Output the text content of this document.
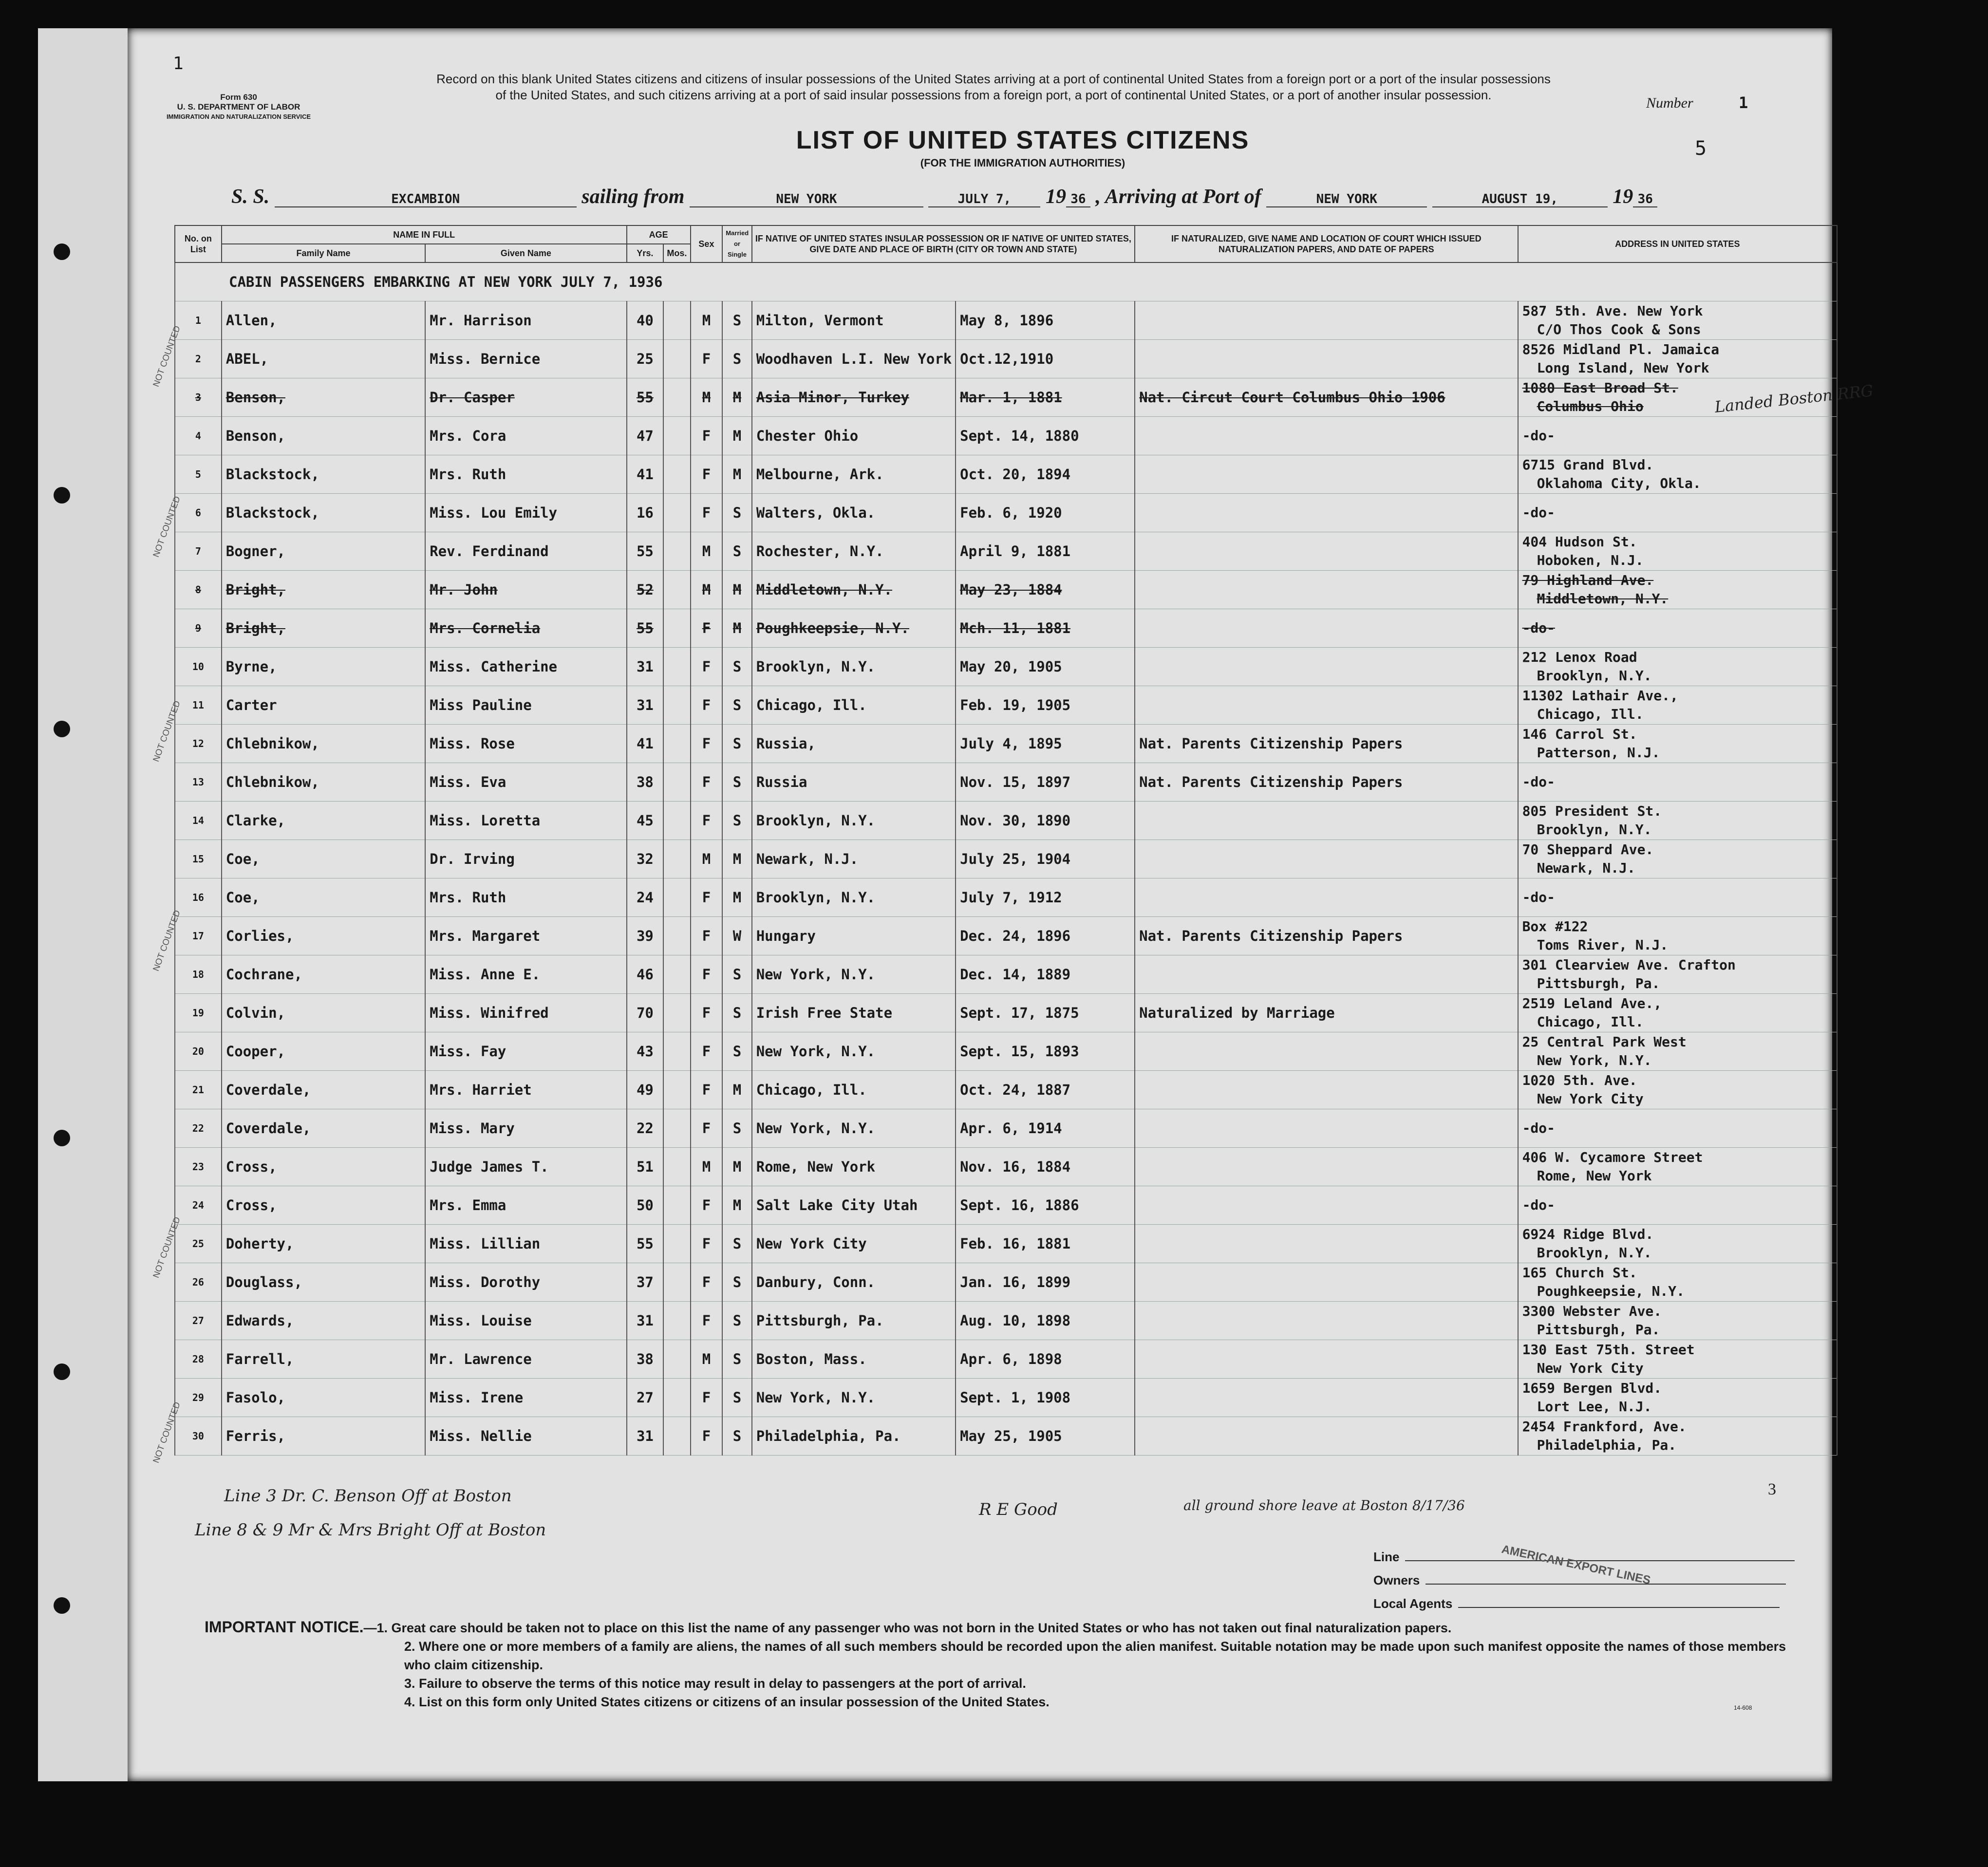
1
Form 630
U. S. DEPARTMENT OF LABOR
IMMIGRATION AND NATURALIZATION SERVICE
Record on this blank United States citizens and citizens of insular possessions of the United States arriving at a port of continental United States from a foreign port or a port of the insular possessions of the United States, and such citizens arriving at a port of said insular possessions from a foreign port, a port of continental United States, or a port of another insular possession.	Number	1
5
LIST OF UNITED STATES CITIZENS
(FOR THE IMMIGRATION AUTHORITIES)
S. S.	EXCAMBION	sailing from	NEW YORK	JULY 7, 19 36 , Arriving at Port of	NEW YORK	AUGUST 19,	19 36
No. on List	NAME IN FULL		AGE		Sex	Married or Single	IF NATIVE OF UNITED STATES INSULAR POSSESSION OR IF NATIVE OF UNITED STATES, GIVE DATE AND PLACE OF BIRTH (CITY OR TOWN AND STATE)		IF NATURALIZED, GIVE NAME AND LOCATION OF COURT WHICH ISSUED NATURALIZATION PAPERS, AND DATE OF PAPERS	ADDRESS IN UNITED STATES
	Family Name	Given Name	Yrs.	Mos.						
CABIN PASSENGERS EMBARKING AT NEW YORK JULY 7, 1936										
1	Allen,	Mr. Harrison	40		M	S	Milton, Vermont	May 8, 1896		587 5th. Ave. New York
C/O Thos Cook & Sons

2	ABEL,	Miss. Bernice	25		F	S	Woodhaven L.I. New York	Oct.12,1910		8526 Midland Pl. Jamaica
Long Island, New York

3	Benson,	Dr. Casper	55		M	M	Asia Minor, Turkey	Mar. 1, 1881	Nat. Circut Court Columbus Ohio 1906	1080 East Broad St.
Columbus Ohio

4	Benson,	Mrs. Cora	47		F	M	Chester Ohio	Sept. 14, 1880		-do-

5	Blackstock,	Mrs. Ruth	41		F	M	Melbourne, Ark.	Oct. 20, 1894		6715 Grand Blvd.
Oklahoma City, Okla.

6	Blackstock,	Miss. Lou Emily	16		F	S	Walters, Okla.	Feb. 6, 1920		-do-

7	Bogner,	Rev. Ferdinand	55		M	S	Rochester, N.Y.	April 9, 1881		404 Hudson St.
Hoboken, N.J.

8	Bright,	Mr. John	52		M	M	Middletown, N.Y.	May 23, 1884		79 Highland Ave.
Middletown, N.Y.

9	Bright,	Mrs. Cornelia	55		F	M	Poughkeepsie, N.Y.	Mch. 11, 1881		-do-

10	Byrne,	Miss. Catherine	31		F	S	Brooklyn, N.Y.	May 20, 1905		212 Lenox Road
Brooklyn, N.Y.

11	Carter	Miss Pauline	31		F	S	Chicago, Ill.	Feb. 19, 1905		11302 Lathair Ave.,
Chicago, Ill.

12	Chlebnikow,	Miss. Rose	41		F	S	Russia,	July 4, 1895	Nat. Parents Citizenship Papers	146 Carrol St.
Patterson, N.J.

13	Chlebnikow,	Miss. Eva	38		F	S	Russia	Nov. 15, 1897	Nat. Parents Citizenship Papers	-do-

14	Clarke,	Miss. Loretta	45		F	S	Brooklyn, N.Y.	Nov. 30, 1890		805 President St.
Brooklyn, N.Y.

15	Coe,	Dr. Irving	32		M	M	Newark, N.J.	July 25, 1904		70 Sheppard Ave.
Newark, N.J.

16	Coe,	Mrs. Ruth	24		F	M	Brooklyn, N.Y.	July 7, 1912		-do-

17	Corlies,	Mrs. Margaret	39		F	W	Hungary	Dec. 24, 1896	Nat. Parents Citizenship Papers	Box #122
Toms River, N.J.

18	Cochrane,	Miss. Anne E.	46		F	S	New York, N.Y.	Dec. 14, 1889		301 Clearview Ave. Crafton
Pittsburgh, Pa.

19	Colvin,	Miss. Winifred	70		F	S	Irish Free State	Sept. 17, 1875	Naturalized by Marriage	2519 Leland Ave.,
Chicago, Ill.

20	Cooper,	Miss. Fay	43		F	S	New York, N.Y.	Sept. 15, 1893		25 Central Park West
New York, N.Y.

21	Coverdale,	Mrs. Harriet	49		F	M	Chicago, Ill.	Oct. 24, 1887		1020 5th. Ave.
New York City

22	Coverdale,	Miss. Mary	22		F	S	New York, N.Y.	Apr. 6, 1914		-do-

23	Cross,	Judge James T.	51		M	M	Rome, New York	Nov. 16, 1884		406 W. Cycamore Street
Rome, New York

24	Cross,	Mrs. Emma	50		F	M	Salt Lake City Utah	Sept. 16, 1886		-do-

25	Doherty,	Miss. Lillian	55		F	S	New York City	Feb. 16, 1881		6924 Ridge Blvd.
Brooklyn, N.Y.

26	Douglass,	Miss. Dorothy	37		F	S	Danbury, Conn.	Jan. 16, 1899		165 Church St.
Poughkeepsie, N.Y.

27	Edwards,	Miss. Louise	31		F	S	Pittsburgh, Pa.	Aug. 10, 1898		3300 Webster Ave.
Pittsburgh, Pa.

28	Farrell,	Mr. Lawrence	38		M	S	Boston, Mass.	Apr. 6, 1898		130 East 75th. Street
New York City

29	Fasolo,	Miss. Irene	27		F	S	New York, N.Y.	Sept. 1, 1908		1659 Bergen Blvd.
Lort Lee, N.J.

30	Ferris,	Miss. Nellie	31		F	S	Philadelphia, Pa.	May 25, 1905		2454 Frankford, Ave.
Philadelphia, Pa.
NOT COUNTED
NOT COUNTED
NOT COUNTED
NOT COUNTED
NOT COUNTED
NOT COUNTED
Landed Boston RRG
3
Line 3 Dr. C. Benson Off at Boston
Line 8 & 9 Mr & Mrs Bright Off at Boston
R E Good	all ground shore leave at Boston 8/17/36
Line
Owners
Local Agents
AMERICAN EXPORT LINES
IMPORTANT NOTICE.—1. Great care should be taken not to place on this list the name of any passenger who was not born in the United States or who has not taken out final naturalization papers.
2. Where one or more members of a family are aliens, the names of all such members should be recorded upon the alien manifest. Suitable notation may be made upon such manifest opposite the names of those members who claim citizenship.
3. Failure to observe the terms of this notice may result in delay to passengers at the port of arrival.
4. List on this form only United States citizens or citizens of an insular possession of the United States.	14-608
